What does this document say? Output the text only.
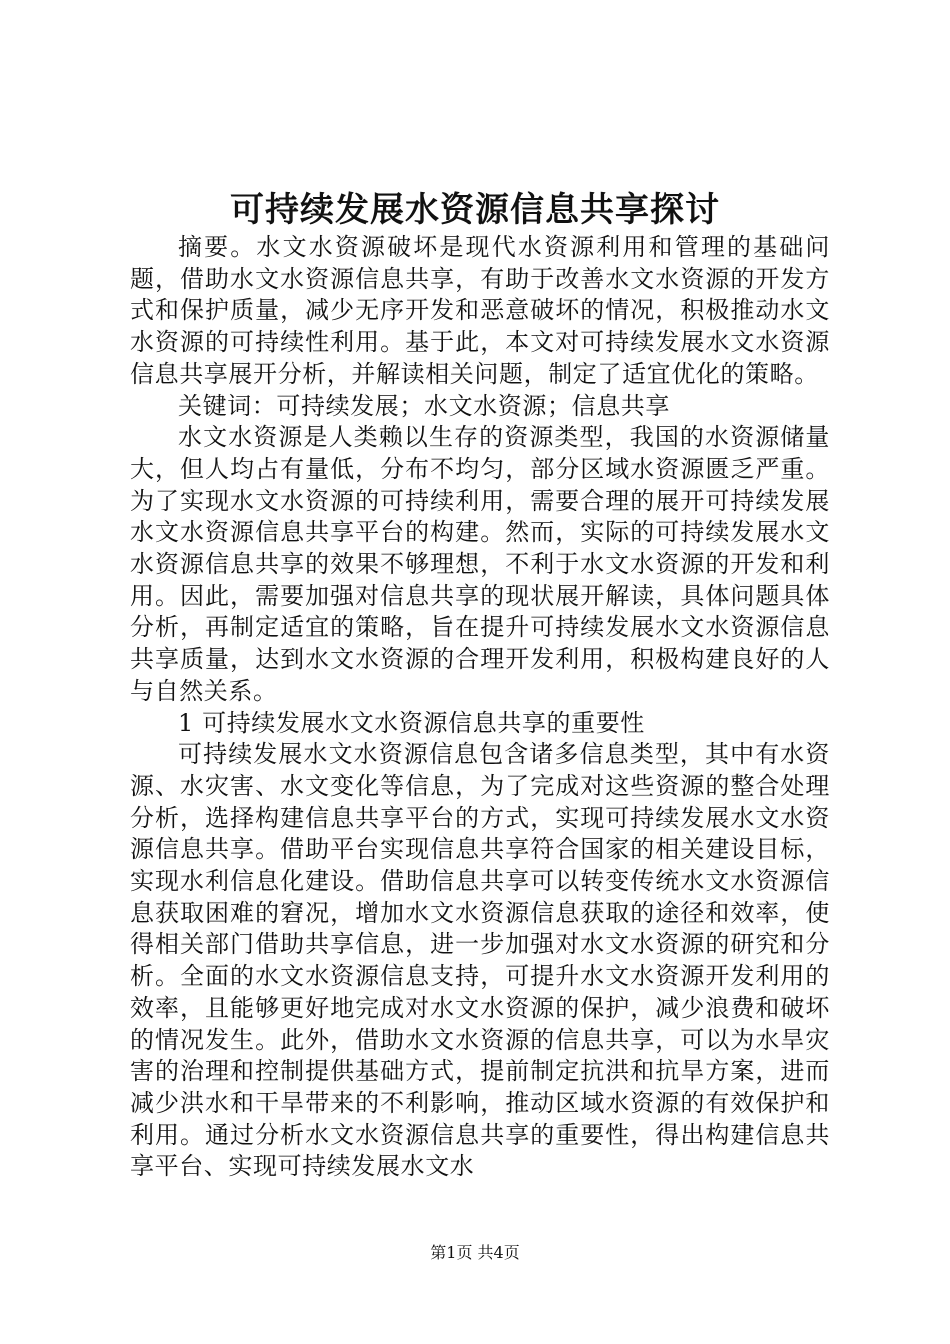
可持续发展水资源信息共享探讨

摘要。水文水资源破坏是现代水资源利用和管理的基础问题，借助水文水资源信息共享，有助于改善水文水资源的开发方式和保护质量，减少无序开发和恶意破坏的情况，积极推动水文水资源的可持续性利用。基于此，本文对可持续发展水文水资源信息共享展开分析，并解读相关问题，制定了适宜优化的策略。

关键词：可持续发展；水文水资源；信息共享

水文水资源是人类赖以生存的资源类型，我国的水资源储量大，但人均占有量低，分布不均匀，部分区域水资源匮乏严重。为了实现水文水资源的可持续利用，需要合理的展开可持续发展水文水资源信息共享平台的构建。然而，实际的可持续发展水文水资源信息共享的效果不够理想，不利于水文水资源的开发和利用。因此，需要加强对信息共享的现状展开解读，具体问题具体分析，再制定适宜的策略，旨在提升可持续发展水文水资源信息共享质量，达到水文水资源的合理开发利用，积极构建良好的人与自然关系。

1 可持续发展水文水资源信息共享的重要性

可持续发展水文水资源信息包含诸多信息类型，其中有水资源、水灾害、水文变化等信息，为了完成对这些资源的整合处理分析，选择构建信息共享平台的方式，实现可持续发展水文水资源信息共享。借助平台实现信息共享符合国家的相关建设目标，实现水利信息化建设。借助信息共享可以转变传统水文水资源信息获取困难的窘况，增加水文水资源信息获取的途径和效率，使得相关部门借助共享信息，进一步加强对水文水资源的研究和分析。全面的水文水资源信息支持，可提升水文水资源开发利用的效率，且能够更好地完成对水文水资源的保护，减少浪费和破坏的情况发生。此外，借助水文水资源的信息共享，可以为水旱灾害的治理和控制提供基础方式，提前制定抗洪和抗旱方案，进而减少洪水和干旱带来的不利影响，推动区域水资源的有效保护和利用。通过分析水文水资源信息共享的重要性，得出构建信息共享平台、实现可持续发展水文水

第1页 共4页
